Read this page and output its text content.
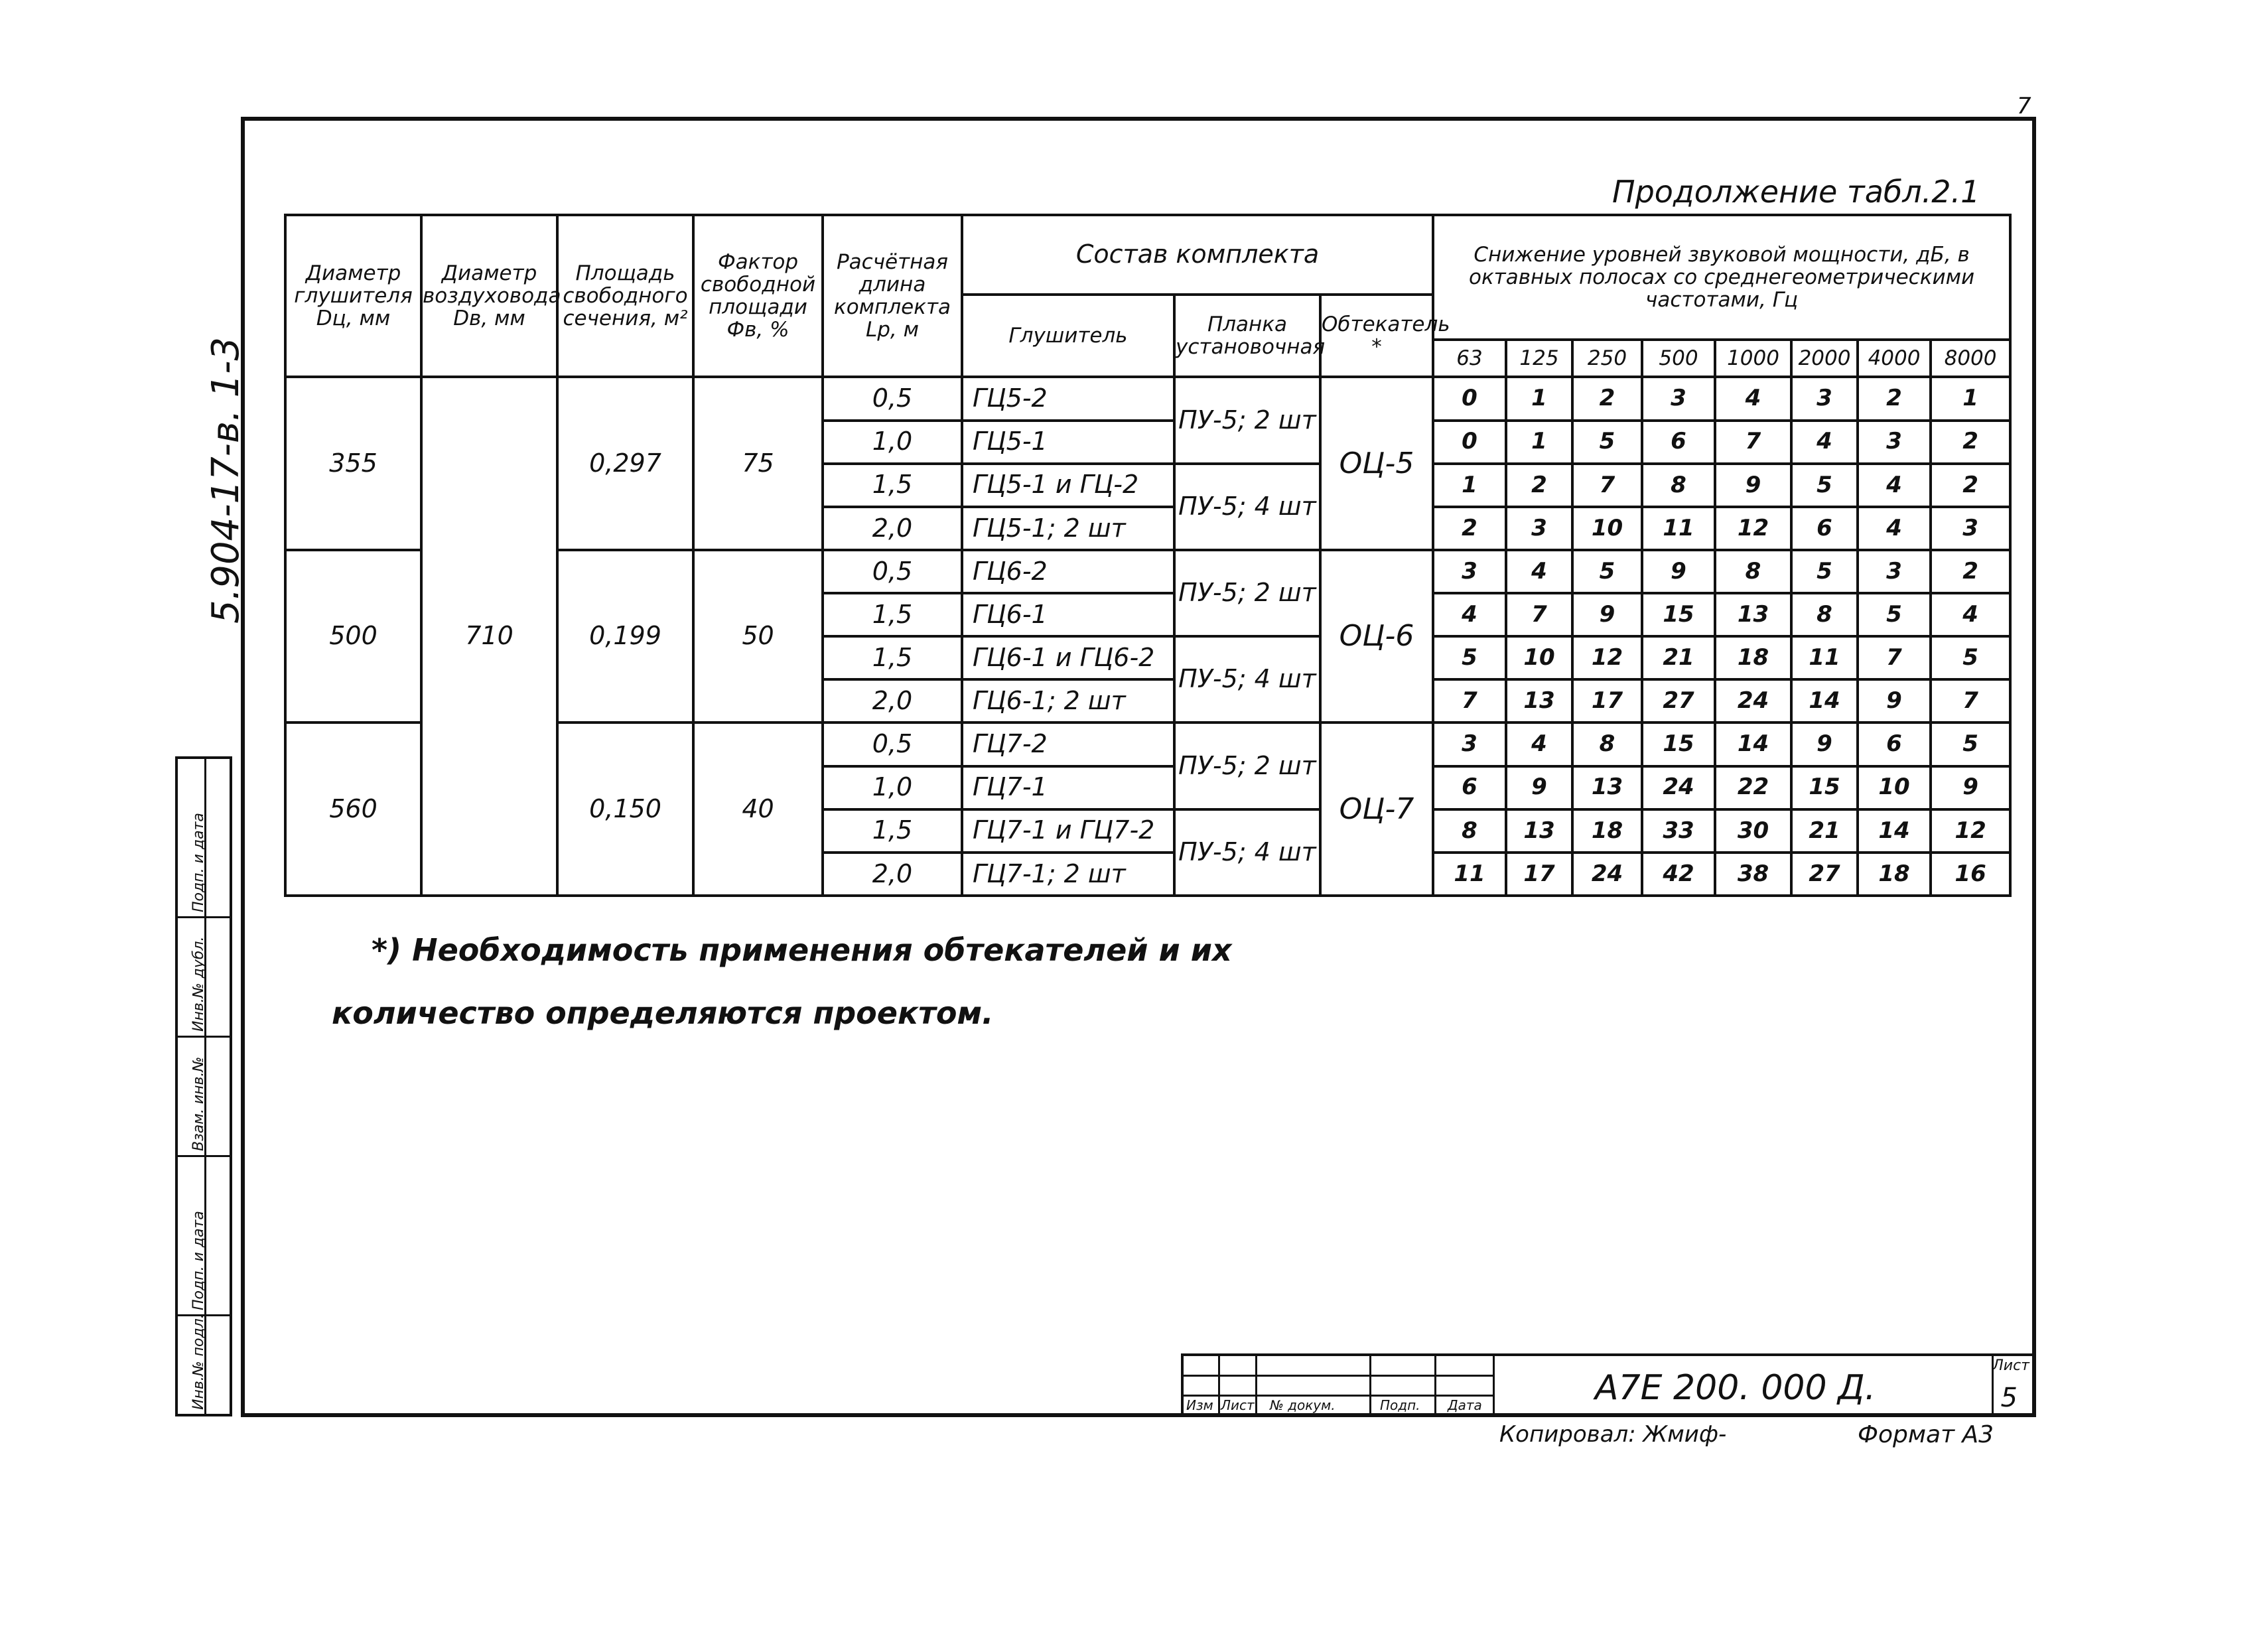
7
5.904-17-в. 1-3
Продолжение табл.2.1
Диаметр глушителя Dц, мм	Диаметр воздуховода Dв, мм	Площадь свободного сечения, м²	Фактор свободной площади Фв, %	Расчётная длина комплекта Lр, м	Состав комплекта			Снижение уровней звуковой мощности, дБ, в октавных полосах со среднегеометрическими частотами, Гц							
					Глушитель	Планка установочная	Обтекатель *								
								63	125	250	500	1000	2000	4000	8000
355	710	0,297	75	0,5	ГЦ5-2	ПУ-5; 2 шт	ОЦ-5	0	1	2	3	4	3	2	1
				1,0	ГЦ5-1			0	1	5	6	7	4	3	2
				1,5	ГЦ5-1 и ГЦ-2	ПУ-5; 4 шт		1	2	7	8	9	5	4	2
				2,0	ГЦ5-1; 2 шт			2	3	10	11	12	6	4	3
500		0,199	50	0,5	ГЦ6-2	ПУ-5; 2 шт	ОЦ-6	3	4	5	9	8	5	3	2
				1,5	ГЦ6-1			4	7	9	15	13	8	5	4
				1,5	ГЦ6-1 и ГЦ6-2	ПУ-5; 4 шт		5	10	12	21	18	11	7	5
				2,0	ГЦ6-1; 2 шт			7	13	17	27	24	14	9	7
560		0,150	40	0,5	ГЦ7-2	ПУ-5; 2 шт	ОЦ-7	3	4	8	15	14	9	6	5
				1,0	ГЦ7-1			6	9	13	24	22	15	10	9
				1,5	ГЦ7-1 и ГЦ7-2	ПУ-5; 4 шт		8	13	18	33	30	21	14	12
				2,0	ГЦ7-1; 2 шт			11	17	24	42	38	27	18	16
*) Необходимость применения обтекателей и их
количество определяются проектом.
Подп. и дата
Инв.№ дубл.
Взам. инв.№
Подп. и дата
Инв.№ подл.	Изм Лист № докум.	Подп. Дата	А7Е 200. 000 Д.
Лист
5
Копировал: Жмиф-	Формат А3
